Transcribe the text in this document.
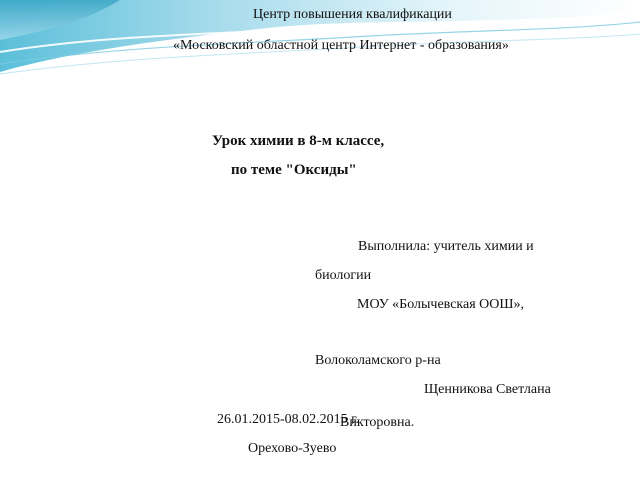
Центр повышения квалификации
«Московский областной центр Интернет - образования»
Урок химии в 8-м классе,
по теме "Оксиды"
Выполнила: учитель химии и
биологии
МОУ «Болычевская ООШ»,
Волоколамского р-на
Щенникова Светлана
Викторовна.
26.01.2015-08.02.2015 г.
Орехово-Зуево
